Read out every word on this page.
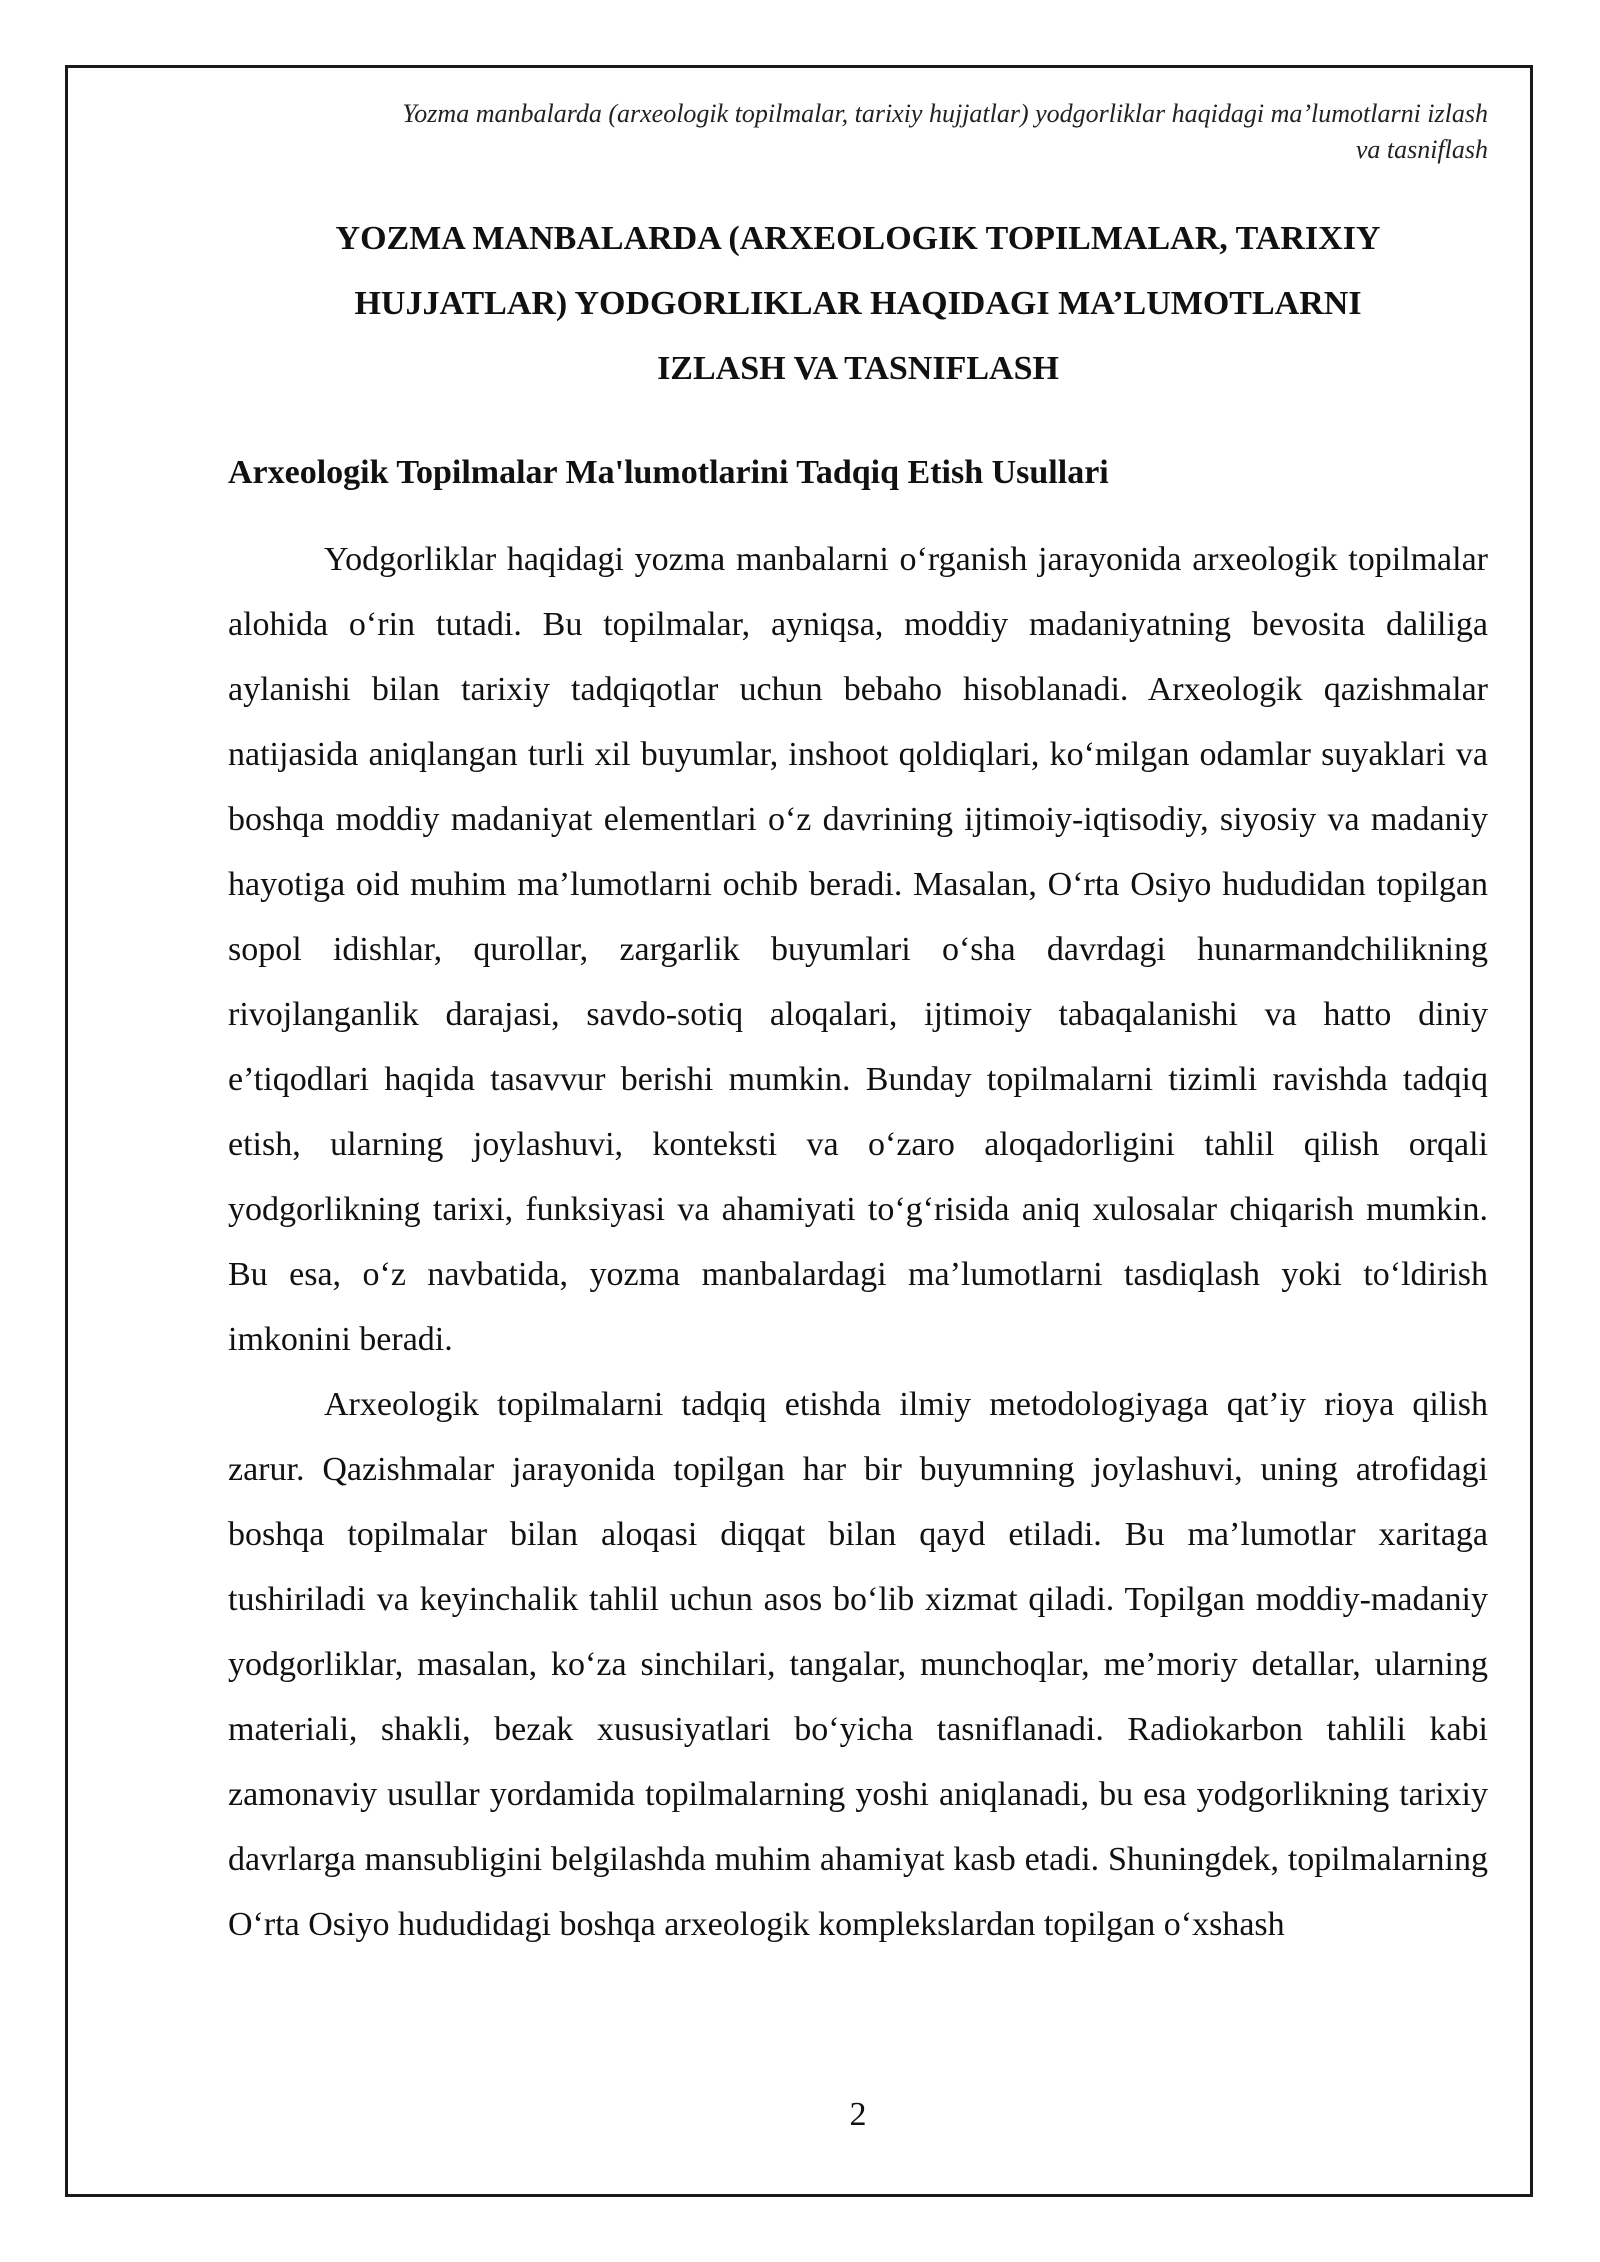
Yozma manbalarda (arxeologik topilmalar, tarixiy hujjatlar) yodgorliklar haqidagi ma’lumotlarni izlash
va tasniflash
YOZMA MANBALARDA (ARXEOLOGIK TOPILMALAR, TARIXIY
HUJJATLAR) YODGORLIKLAR HAQIDAGI MA’LUMOTLARNI
IZLASH VA TASNIFLASH
Arxeologik Topilmalar Ma'lumotlarini Tadqiq Etish Usullari

Yodgorliklar haqidagi yozma manbalarni o‘rganish jarayonida arxeologik topilmalar alohida o‘rin tutadi. Bu topilmalar, ayniqsa, moddiy madaniyatning bevosita daliliga aylanishi bilan tarixiy tadqiqotlar uchun bebaho hisoblanadi. Arxeologik qazishmalar natijasida aniqlangan turli xil buyumlar, inshoot qoldiqlari, ko‘milgan odamlar suyaklari va boshqa moddiy madaniyat elementlari o‘z davrining ijtimoiy-iqtisodiy, siyosiy va madaniy hayotiga oid muhim ma’lumotlarni ochib beradi. Masalan, O‘rta Osiyo hududidan topilgan sopol idishlar, qurollar, zargarlik buyumlari o‘sha davrdagi hunarmandchilikning rivojlanganlik darajasi, savdo-sotiq aloqalari, ijtimoiy tabaqalanishi va hatto diniy e’tiqodlari haqida tasavvur berishi mumkin. Bunday topilmalarni tizimli ravishda tadqiq etish, ularning joylashuvi, konteksti va o‘zaro aloqadorligini tahlil qilish orqali yodgorlikning tarixi, funksiyasi va ahamiyati to‘g‘risida aniq xulosalar chiqarish mumkin. Bu esa, o‘z navbatida, yozma manbalardagi ma’lumotlarni tasdiqlash yoki to‘ldirish imkonini beradi.

Arxeologik topilmalarni tadqiq etishda ilmiy metodologiyaga qat’iy rioya qilish zarur. Qazishmalar jarayonida topilgan har bir buyumning joylashuvi, uning atrofidagi boshqa topilmalar bilan aloqasi diqqat bilan qayd etiladi. Bu ma’lumotlar xaritaga tushiriladi va keyinchalik tahlil uchun asos bo‘lib xizmat qiladi. Topilgan moddiy-madaniy yodgorliklar, masalan, ko‘za sinchilari, tangalar, munchoqlar, me’moriy detallar, ularning materiali, shakli, bezak xususiyatlari bo‘yicha tasniflanadi. Radiokarbon tahlili kabi zamonaviy usullar yordamida topilmalarning yoshi aniqlanadi, bu esa yodgorlikning tarixiy davrlarga mansubligini belgilashda muhim ahamiyat kasb etadi. Shuningdek, topilmalarning O‘rta Osiyo hududidagi boshqa arxeologik komplekslardan topilgan o‘xshash

2
